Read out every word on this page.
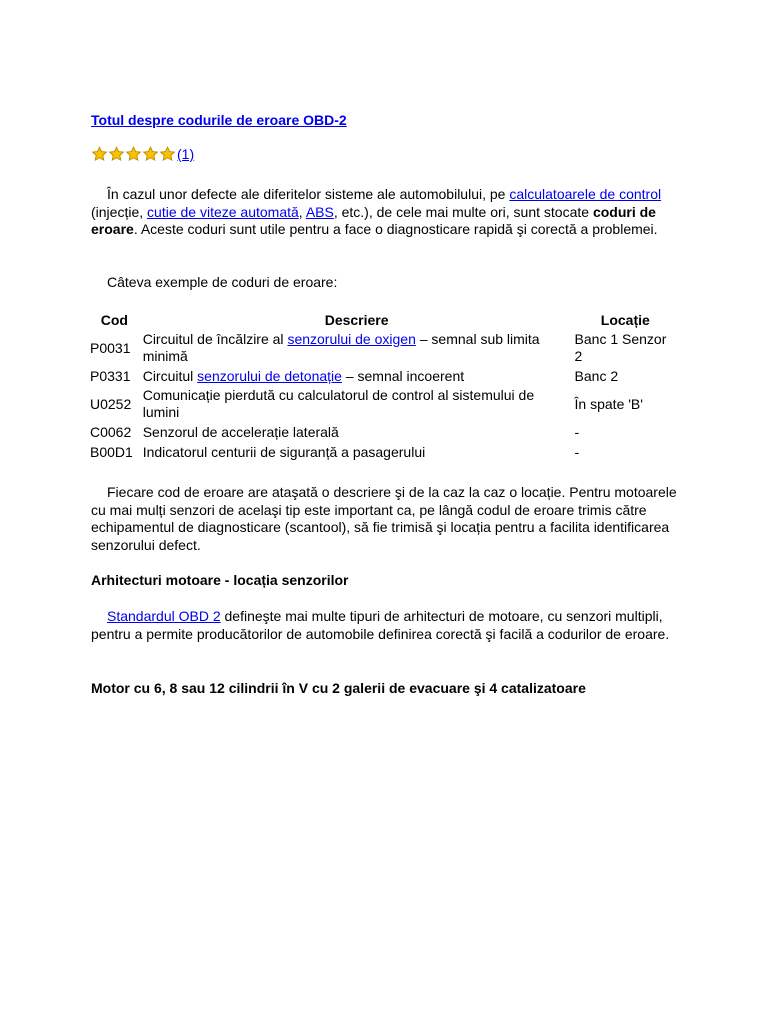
Totul despre codurile de eroare OBD-2
(1)
În cazul unor defecte ale diferitelor sisteme ale automobilului, pe calculatoarele de control (injecție, cutie de viteze automată, ABS, etc.), de cele mai multe ori, sunt stocate coduri de eroare. Aceste coduri sunt utile pentru a face o diagnosticare rapidă şi corectă a problemei.
Câteva exemple de coduri de eroare:
Cod	Descriere	Locație
P0031	Circuitul de încălzire al senzorului de oxigen – semnal sub limita minimă	Banc 1 Senzor 2
P0331	Circuitul senzorului de detonație – semnal incoerent	Banc 2
U0252	Comunicație pierdută cu calculatorul de control al sistemului de lumini	În spate 'B'
C0062	Senzorul de accelerație laterală	-
B00D1	Indicatorul centurii de siguranță a pasagerului	-
Fiecare cod de eroare are ataşată o descriere şi de la caz la caz o locație. Pentru motoarele cu mai mulți senzori de acelaşi tip este important ca, pe lângă codul de eroare trimis către echipamentul de diagnosticare (scantool), să fie trimisă şi locația pentru a facilita identificarea senzorului defect.
Arhitecturi motoare - locația senzorilor
Standardul OBD 2 defineşte mai multe tipuri de arhitecturi de motoare, cu senzori multipli, pentru a permite producătorilor de automobile definirea corectă şi facilă a codurilor de eroare.
Motor cu 6, 8 sau 12 cilindrii în V cu 2 galerii de evacuare şi 4 catalizatoare
